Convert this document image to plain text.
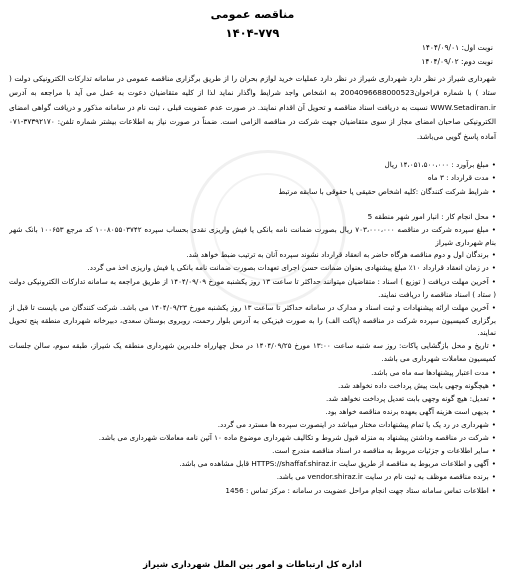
مناقصه عمومی
۱۴۰۴-۷۷۹
نوبت اول: ۱۴۰۴/۰۹/۰۱
نوبت دوم: ۱۴۰۴/۰۹/۰۲
شهرداری شیراز در نظر دارد شهرداری شیراز در نظر دارد عملیات خرید لوازم بحران را از طریق برگزاری مناقصه عمومی در سامانه تدارکات الکترونیکی دولت ( ستاد ) با شماره فراخوان2004096688000523 به اشخاص واجد شرایط واگذار نماید لذا از کلیه متقاضیان دعوت به عمل می آید با مراجعه به آدرس WWW.Setadiran.ir نسبت به دریافت اسناد مناقصه و تحویل آن اقدام نمایند. در صورت عدم عضویت قبلی ، ثبت نام در سامانه مذکور و دریافت گواهی امضای الکترونیکی صاحبان امضای مجاز از سوی متقاضیان جهت شرکت در مناقصه الزامی است. ضمناً در صورت نیاز به اطلاعات بیشتر شماره تلفن: ۳۷۳۹۲۱۷۰-۰۷۱ آماده پاسخ گویی می‌باشد.
•مبلغ برآورد : ۱۴،۰۵۱،۵۰۰،۰۰۰ ریال
•مدت قرارداد : ۳ ماه
•شرایط شرکت کنندگان :کلیه اشخاص حقیقی یا حقوقی با سابقه مرتبط
•محل انجام کار : انبار امور شهر منطقه 5
•مبلغ سپرده شرکت در مناقصه ۷۰۳،۰۰۰،۰۰۰ ریال بصورت ضمانت نامه بانکی یا فیش واریزی نقدی بحساب سپرده ۱۰۰۸۰۵۵۰۳۷۴۲ کد مرجع ۱۰۰۶۵۳ بانک شهر بنام شهرداری شیراز
•برندگان اول و دوم مناقصه هرگاه حاضر به انعقاد قرارداد نشوند سپرده آنان به ترتیب ضبط خواهد شد.
•در زمان انعقاد قرارداد ۱۰٪ مبلغ پیشنهادی بعنوان ضمانت حسن اجرای تعهدات بصورت ضمانت نامه بانکی یا فیش واریزی اخذ می گردد.
•آخرین مهلت دریافت ( توزیع ) اسناد : متقاضیان میتوانند حداکثر تا ساعت ۱۳ روز یکشنبه مورخ ۱۴۰۴/۰۹/۰۹ از طریق مراجعه به سامانه تدارکات الکترونیکی دولت ( ستاد ) اسناد مناقصه را دریافت نمایند.
•آخرین مهلت ارائه پیشنهادات و ثبت اسناد و مدارک در سامانه حداکثر تا ساعت ۱۳ روز یکشنبه مورخ ۱۴۰۴/۰۹/۲۳ می باشد. شرکت کنندگان می بایست تا قبل از برگزاری کمیسیون سپرده شرکت در مناقصه (پاکت الف) را به صورت فیزیکی به آدرس بلوار رحمت، روبروی بوستان سعدی، دبیرخانه شهرداری منطقه پنج تحویل نمایند.
•تاریخ و محل بازگشایی پاکات: روز سه شنبه ساعت ۱۳:۰۰ مورخ ۱۴۰۴/۰۹/۲۵ در محل چهارراه خلدبرین شهرداری منطقه یک شیراز، طبقه سوم، سالن جلسات کمیسیون معاملات شهرداری می باشد.
•مدت اعتبار پیشنهادها سه ماه می باشد.
•هیچگونه وجهی بابت پیش پرداخت داده نخواهد شد.
•تعدیل: هیچ گونه وجهی بابت تعدیل پرداخت نخواهد شد.
•بدیهی است هزینه آگهی بعهده برنده مناقصه خواهد بود.
•شهرداری در رد یک یا تمام پیشنهادات مختار میباشد در اینصورت سپرده ها مسترد می گردد.
•شرکت در مناقصه وداشتن پیشنهاد به منزله قبول شروط و تکالیف شهرداری موضوع ماده ۱۰ آئین نامه معاملات شهرداری می باشد.
•سایر اطلاعات و جزئیات مربوط به مناقصه در اسناد مناقصه مندرج است.
•آگهی و اطلاعات مربوط به مناقصه از طریق سایت HTTPS://shaffaf.shiraz.ir قابل مشاهده می باشد.
•برنده مناقصه موظف به ثبت نام در سایت vendor.shiraz.ir می باشد.
•اطلاعات تماس سامانه ستاد جهت انجام مراحل عضویت در سامانه : مرکز تماس : 1456
اداره کل ارتباطات و امور بین الملل شهرداری شیراز
